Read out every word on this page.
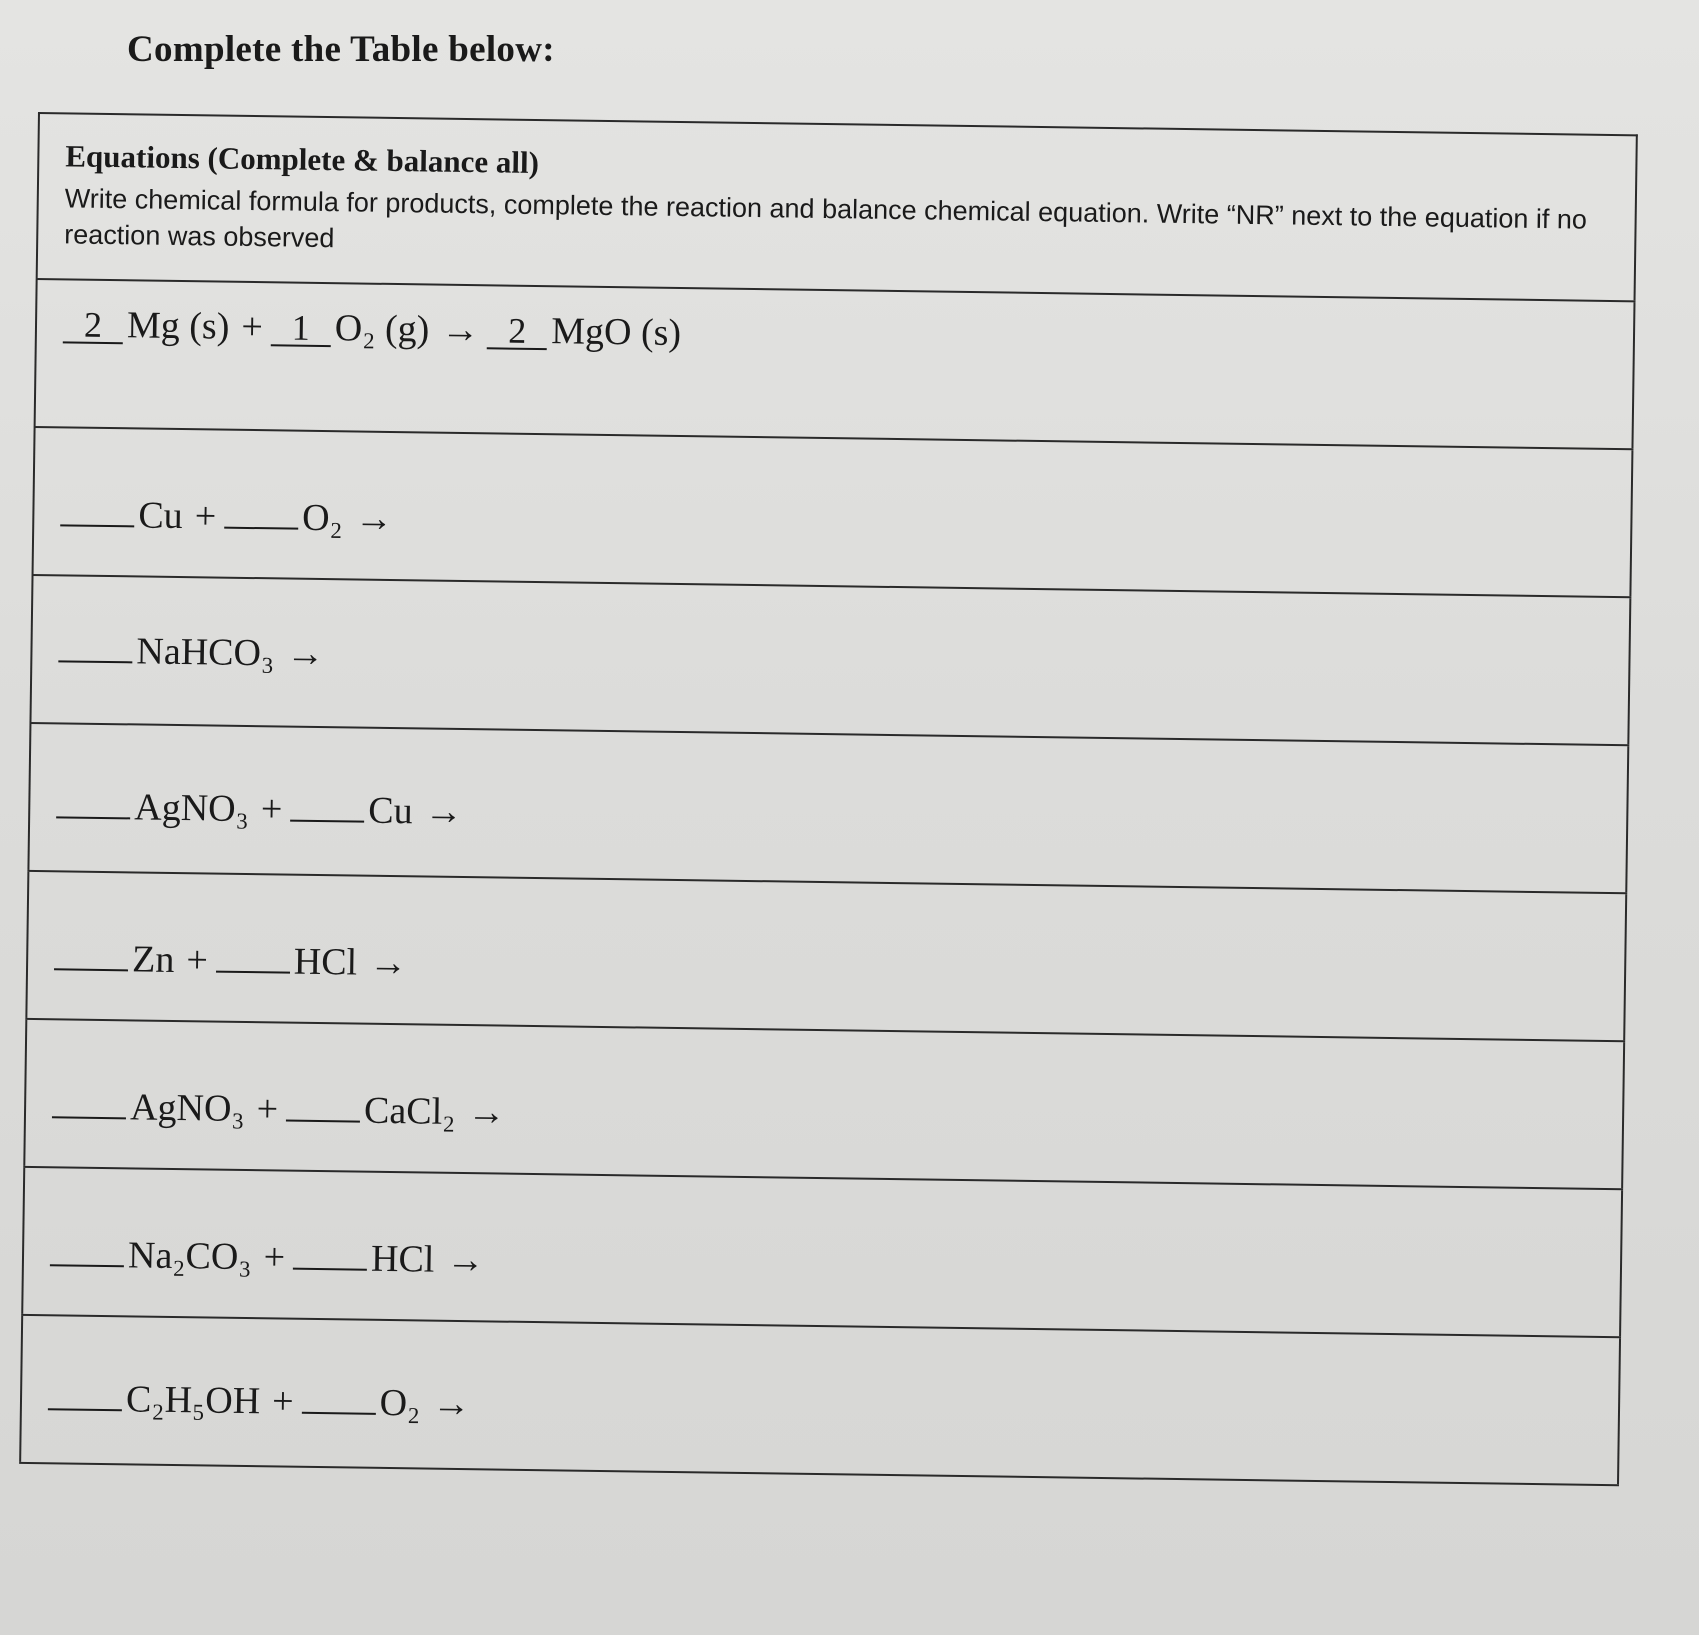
Complete the Table below:
Equations (Complete & balance all)
Write chemical formula for products, complete the reaction and balance chemical equation. Write “NR” next to the equation if no reaction was observed

2 Mg (s) + 1 O₂ (g) → 2 MgO (s)

Cu + O₂ →

NaHCO₃ →

AgNO₃ + Cu →

Zn + HCl →

AgNO₃ + CaCl₂ →

Na₂CO₃ + HCl →

C₂H₅OH + O₂ →
